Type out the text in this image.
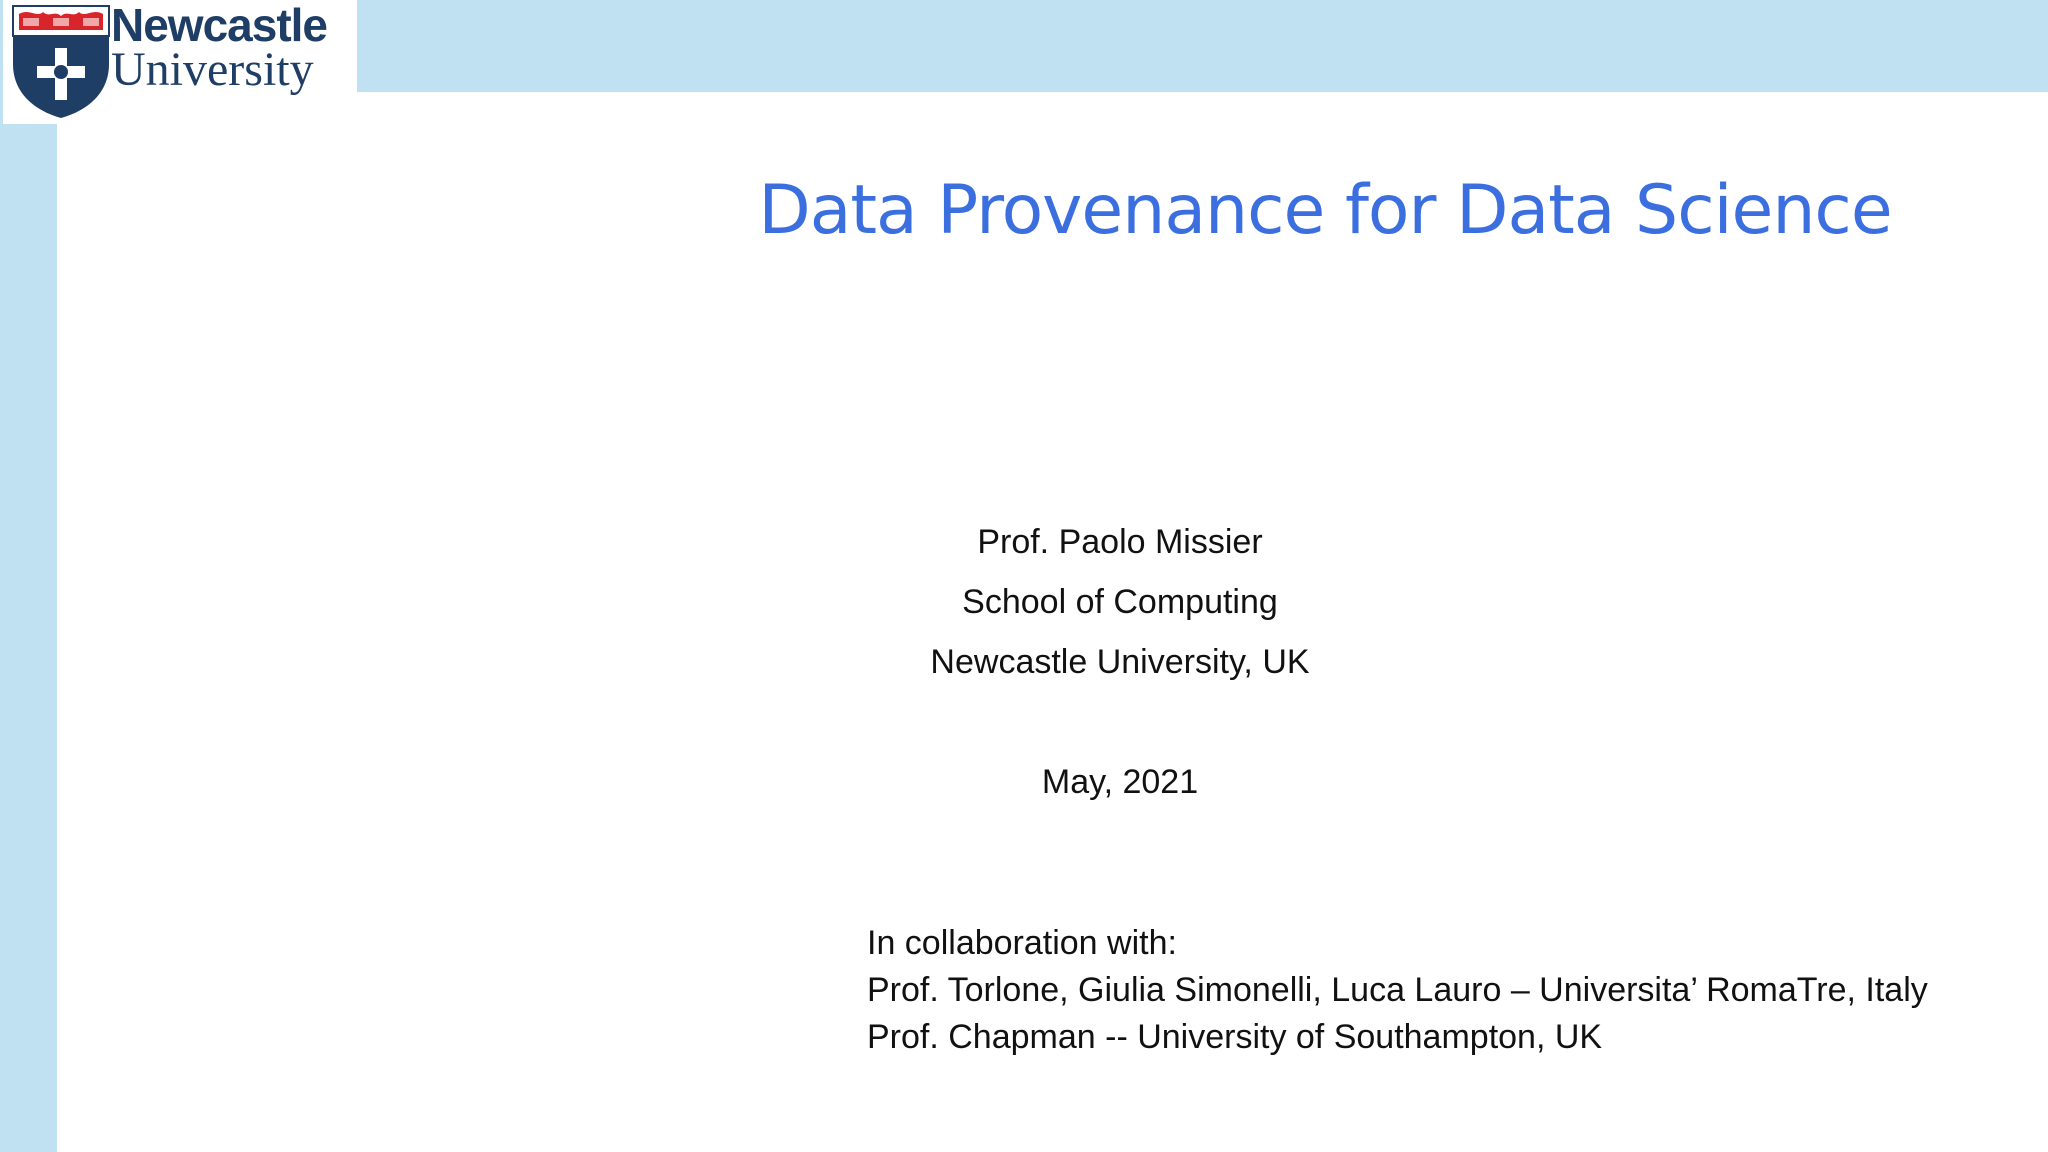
Newcastle
University
Data Provenance for Data Science
Prof. Paolo Missier
School of Computing
Newcastle University, UK
May, 2021
In collaboration with:
Prof. Torlone, Giulia Simonelli, Luca Lauro – Universita’ RomaTre, Italy
Prof. Chapman -- University of Southampton, UK
